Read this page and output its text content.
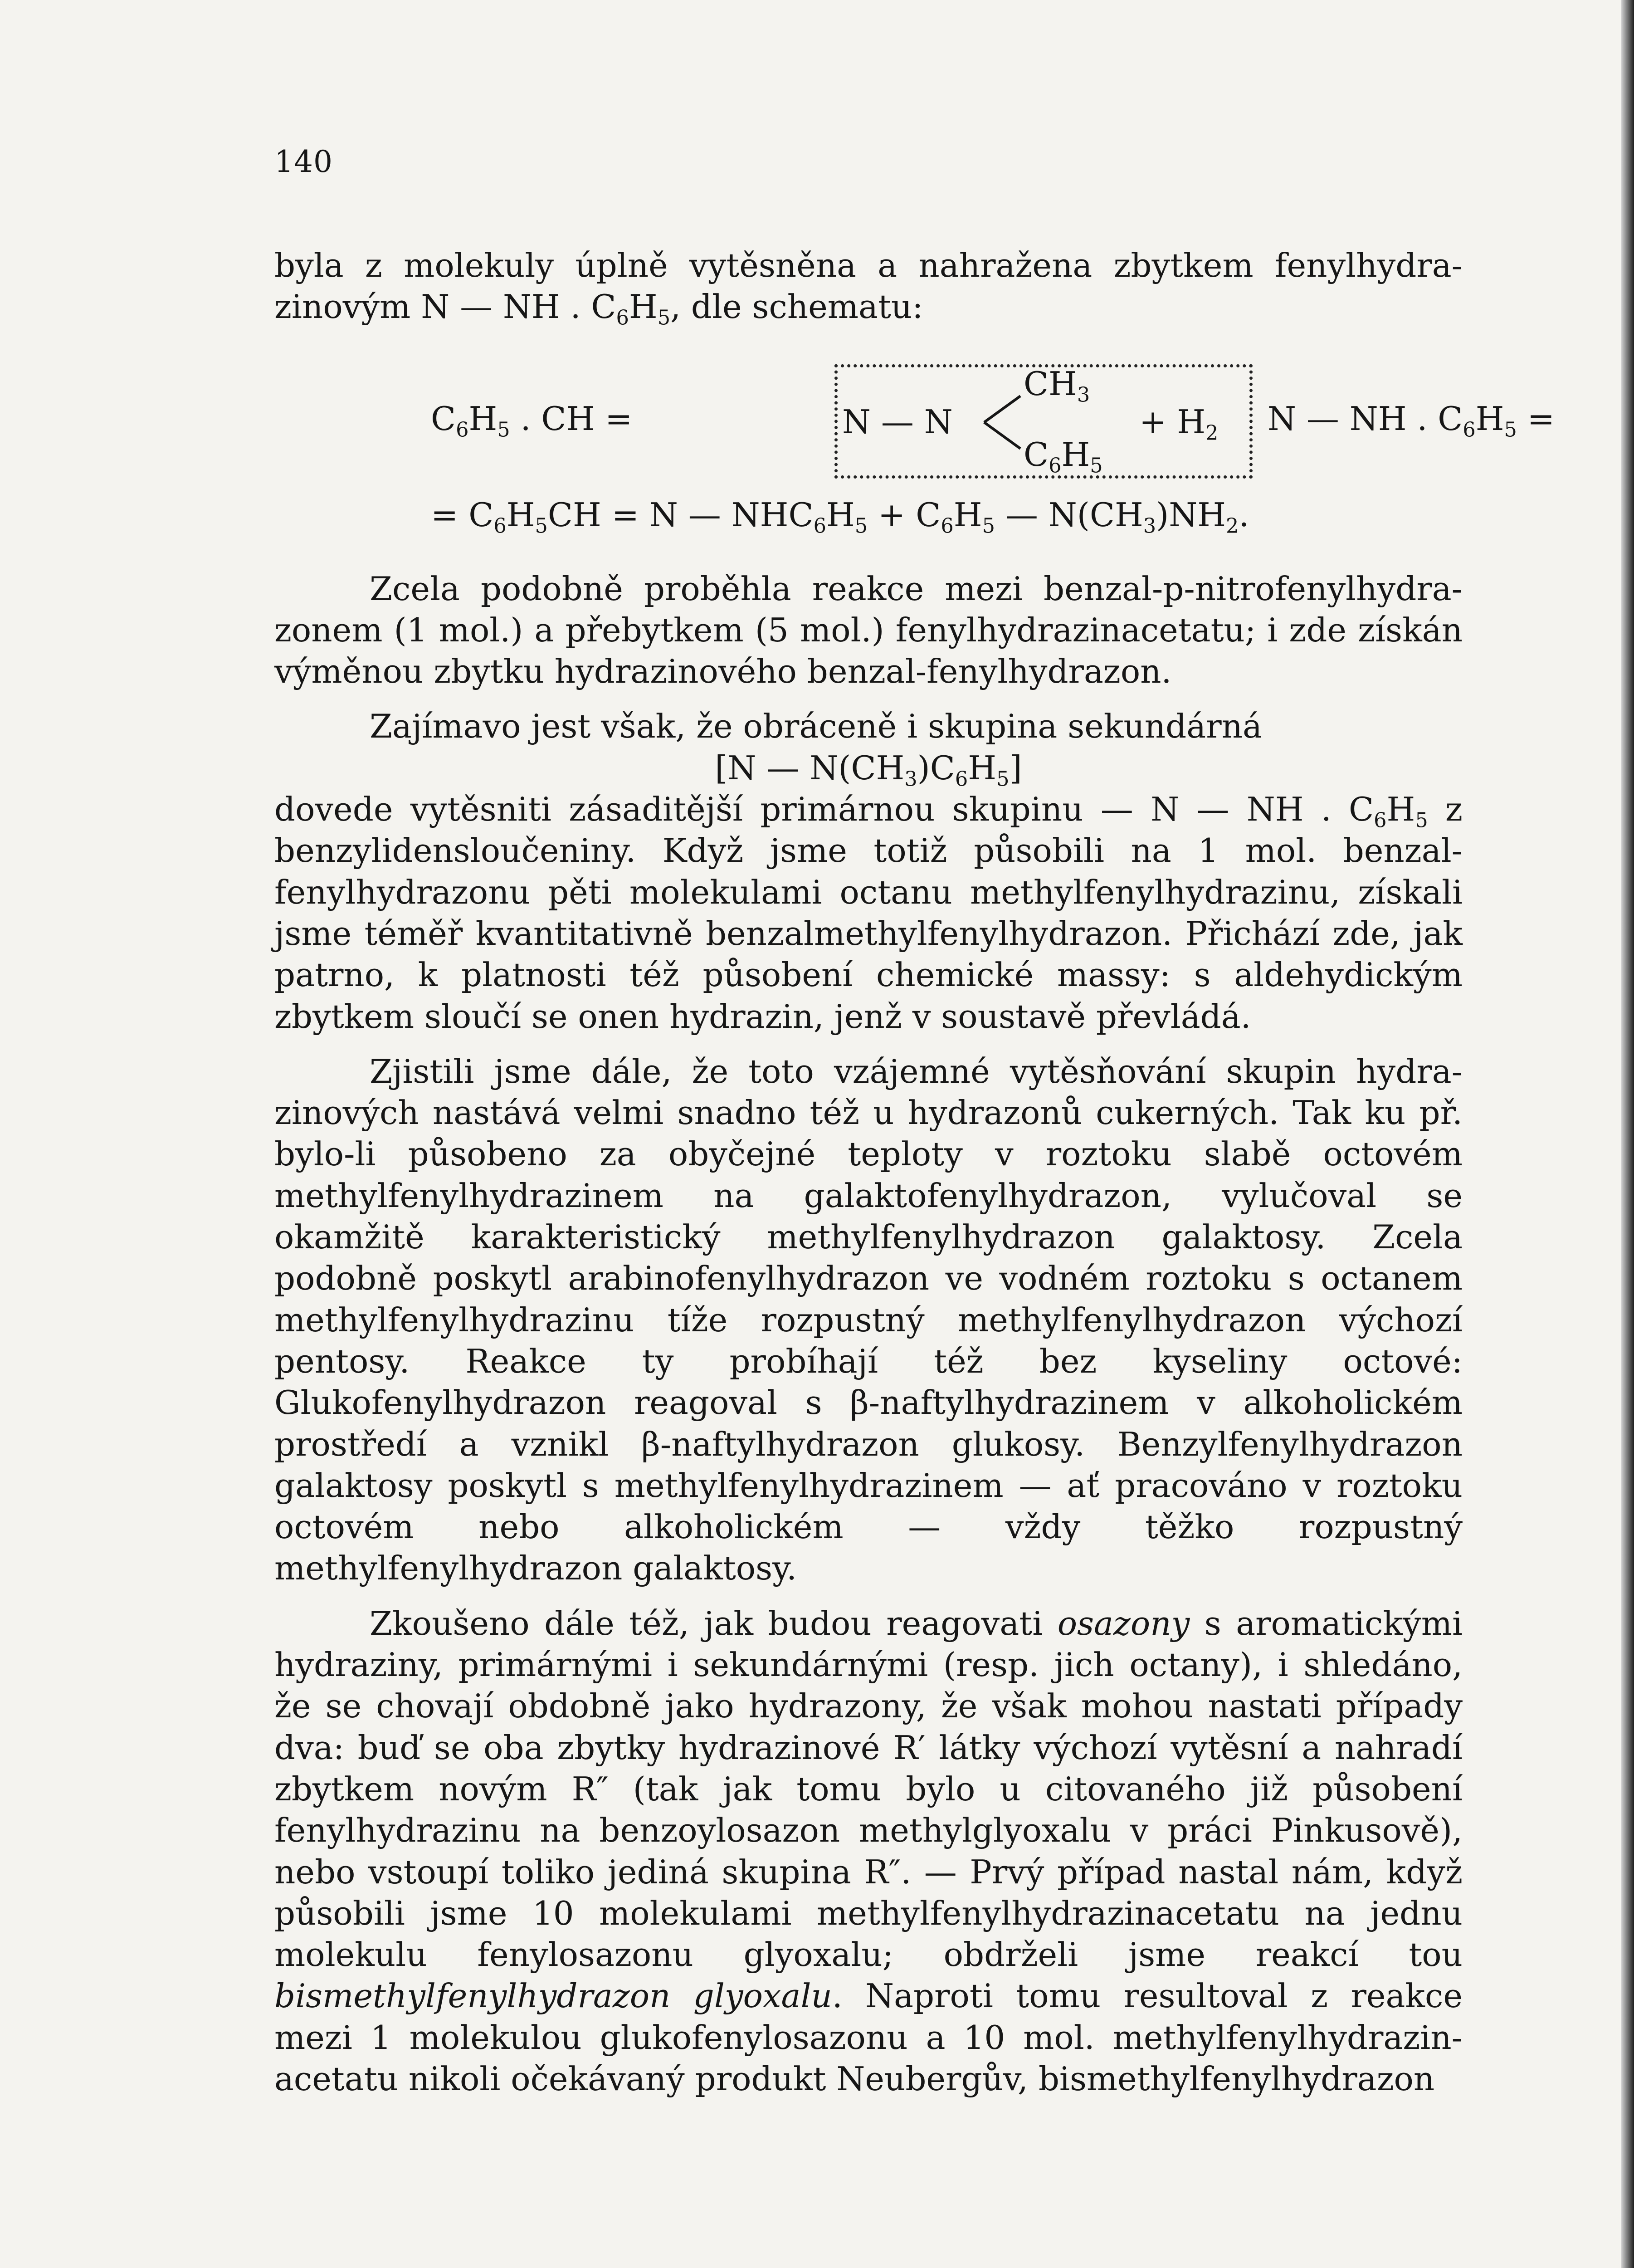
140

byla z molekuly úplně vytěsněna a nahražena zbytkem fenylhydrazinovým N — NH . $C_6H_5$, dle schematu:

$C_6H_5$ . CH =	N — N
$CH_3$
$C_6H_5$
+ $H_2$ N — NH . $C_6H_5$ =
= $C_6H_5CH = N$ — $NHC_6H_5 + C_6H_5$ — $N(CH_3)NH_2$.

Zcela podobně proběhla reakce mezi benzal-p-nitrofenylhydrazonem (1 mol.) a přebytkem (5 mol.) fenylhydrazinacetatu; i zde získán výměnou zbytku hydrazinového benzal-fenylhydrazon.

Zajímavo jest však, že obráceně i skupina sekundárná

[N — $N(CH_3)C_6H_5$]

dovede vytěsniti zásaditější primárnou skupinu — N — NH . $C_6H_5$ z benzylidensloučeniny. Když jsme totiž působili na 1 mol. benzalfenylhydrazonu pěti molekulami octanu methylfenylhydrazinu, získali jsme téměř kvantitativně benzalmethylfenylhydrazon. Přichází zde, jak patrno, k platnosti též působení chemické massy: s aldehydickým zbytkem sloučí se onen hydrazin, jenž v soustavě převládá.

Zjistili jsme dále, že toto vzájemné vytěsňování skupin hydrazinových nastává velmi snadno též u hydrazonů cukerných. Tak ku př. bylo-li působeno za obyčejné teploty v roztoku slabě octovém methylfenylhydrazinem na galaktofenylhydrazon, vylučoval se okamžitě karakteristický methylfenylhydrazon galaktosy. Zcela podobně poskytl arabinofenylhydrazon ve vodném roztoku s octanem methylfenylhydrazinu tíže rozpustný methylfenylhydrazon výchozí pentosy. Reakce ty probíhají též bez kyseliny octové: Glukofenylhydrazon reagoval s β-naftylhydrazinem v alkoholickém prostředí a vznikl β-naftylhydrazon glukosy. Benzylfenylhydrazon galaktosy poskytl s methylfenylhydrazinem — ať pracováno v roztoku octovém nebo alkoholickém — vždy těžko rozpustný methylfenylhydrazon galaktosy.

Zkoušeno dále též, jak budou reagovati osazony s aromatickými hydraziny, primárnými i sekundárnými (resp. jich octany), i shledáno, že se chovají obdobně jako hydrazony, že však mohou nastati případy dva: buď se oba zbytky hydrazinové R′ látky výchozí vytěsní a nahradí zbytkem novým R″ (tak jak tomu bylo u citovaného již působení fenylhydrazinu na benzoylosazon methylglyoxalu v práci Pinkusově), nebo vstoupí toliko jediná skupina R″. — Prvý případ nastal nám, když působili jsme 10 molekulami methylfenylhydrazinacetatu na jednu molekulu fenylosazonu glyoxalu; obdrželi jsme reakcí tou bismethylfenylhydrazon glyoxalu. Naproti tomu resultoval z reakce mezi 1 molekulou glukofenylosazonu a 10 mol. methylfenylhydrazinacetatu nikoli očekávaný produkt Neubergův, bismethylfenylhydrazon
